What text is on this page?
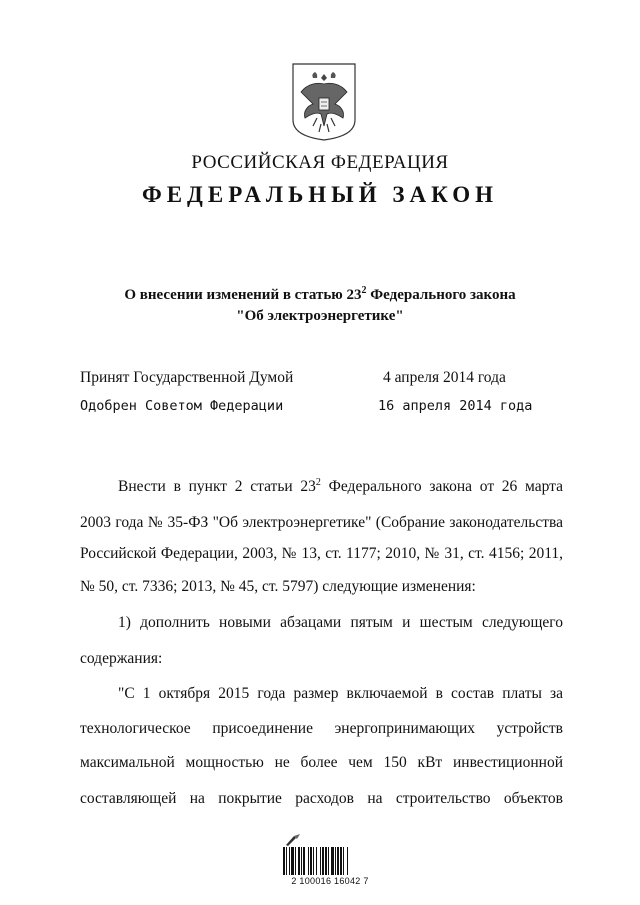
РОССИЙСКАЯ ФЕДЕРАЦИЯ
ФЕДЕРАЛЬНЫЙ ЗАКОН
О внесении изменений в статью $23^2$ Федерального закона
"Об электроэнергетике"
Принят Государственной Думой	4 апреля 2014 года
Одобрен Советом Федерации	16 апреля 2014 года
Внести в пункт 2 статьи $23^2$ Федерального закона от 26 марта
2003 года № 35-ФЗ "Об электроэнергетике" (Собрание законодательства
Российской Федерации, 2003, № 13, ст. 1177; 2010, № 31, ст. 4156; 2011,
№ 50, ст. 7336; 2013, № 45, ст. 5797) следующие изменения:
1) дополнить новыми абзацами пятым и шестым следующего
содержания:
"С 1 октября 2015 года размер включаемой в состав платы за
технологическое присоединение энергопринимающих устройств
максимальной мощностью не более чем 150 кВт инвестиционной
составляющей на покрытие расходов на строительство объектов
2 100016 16042 7
